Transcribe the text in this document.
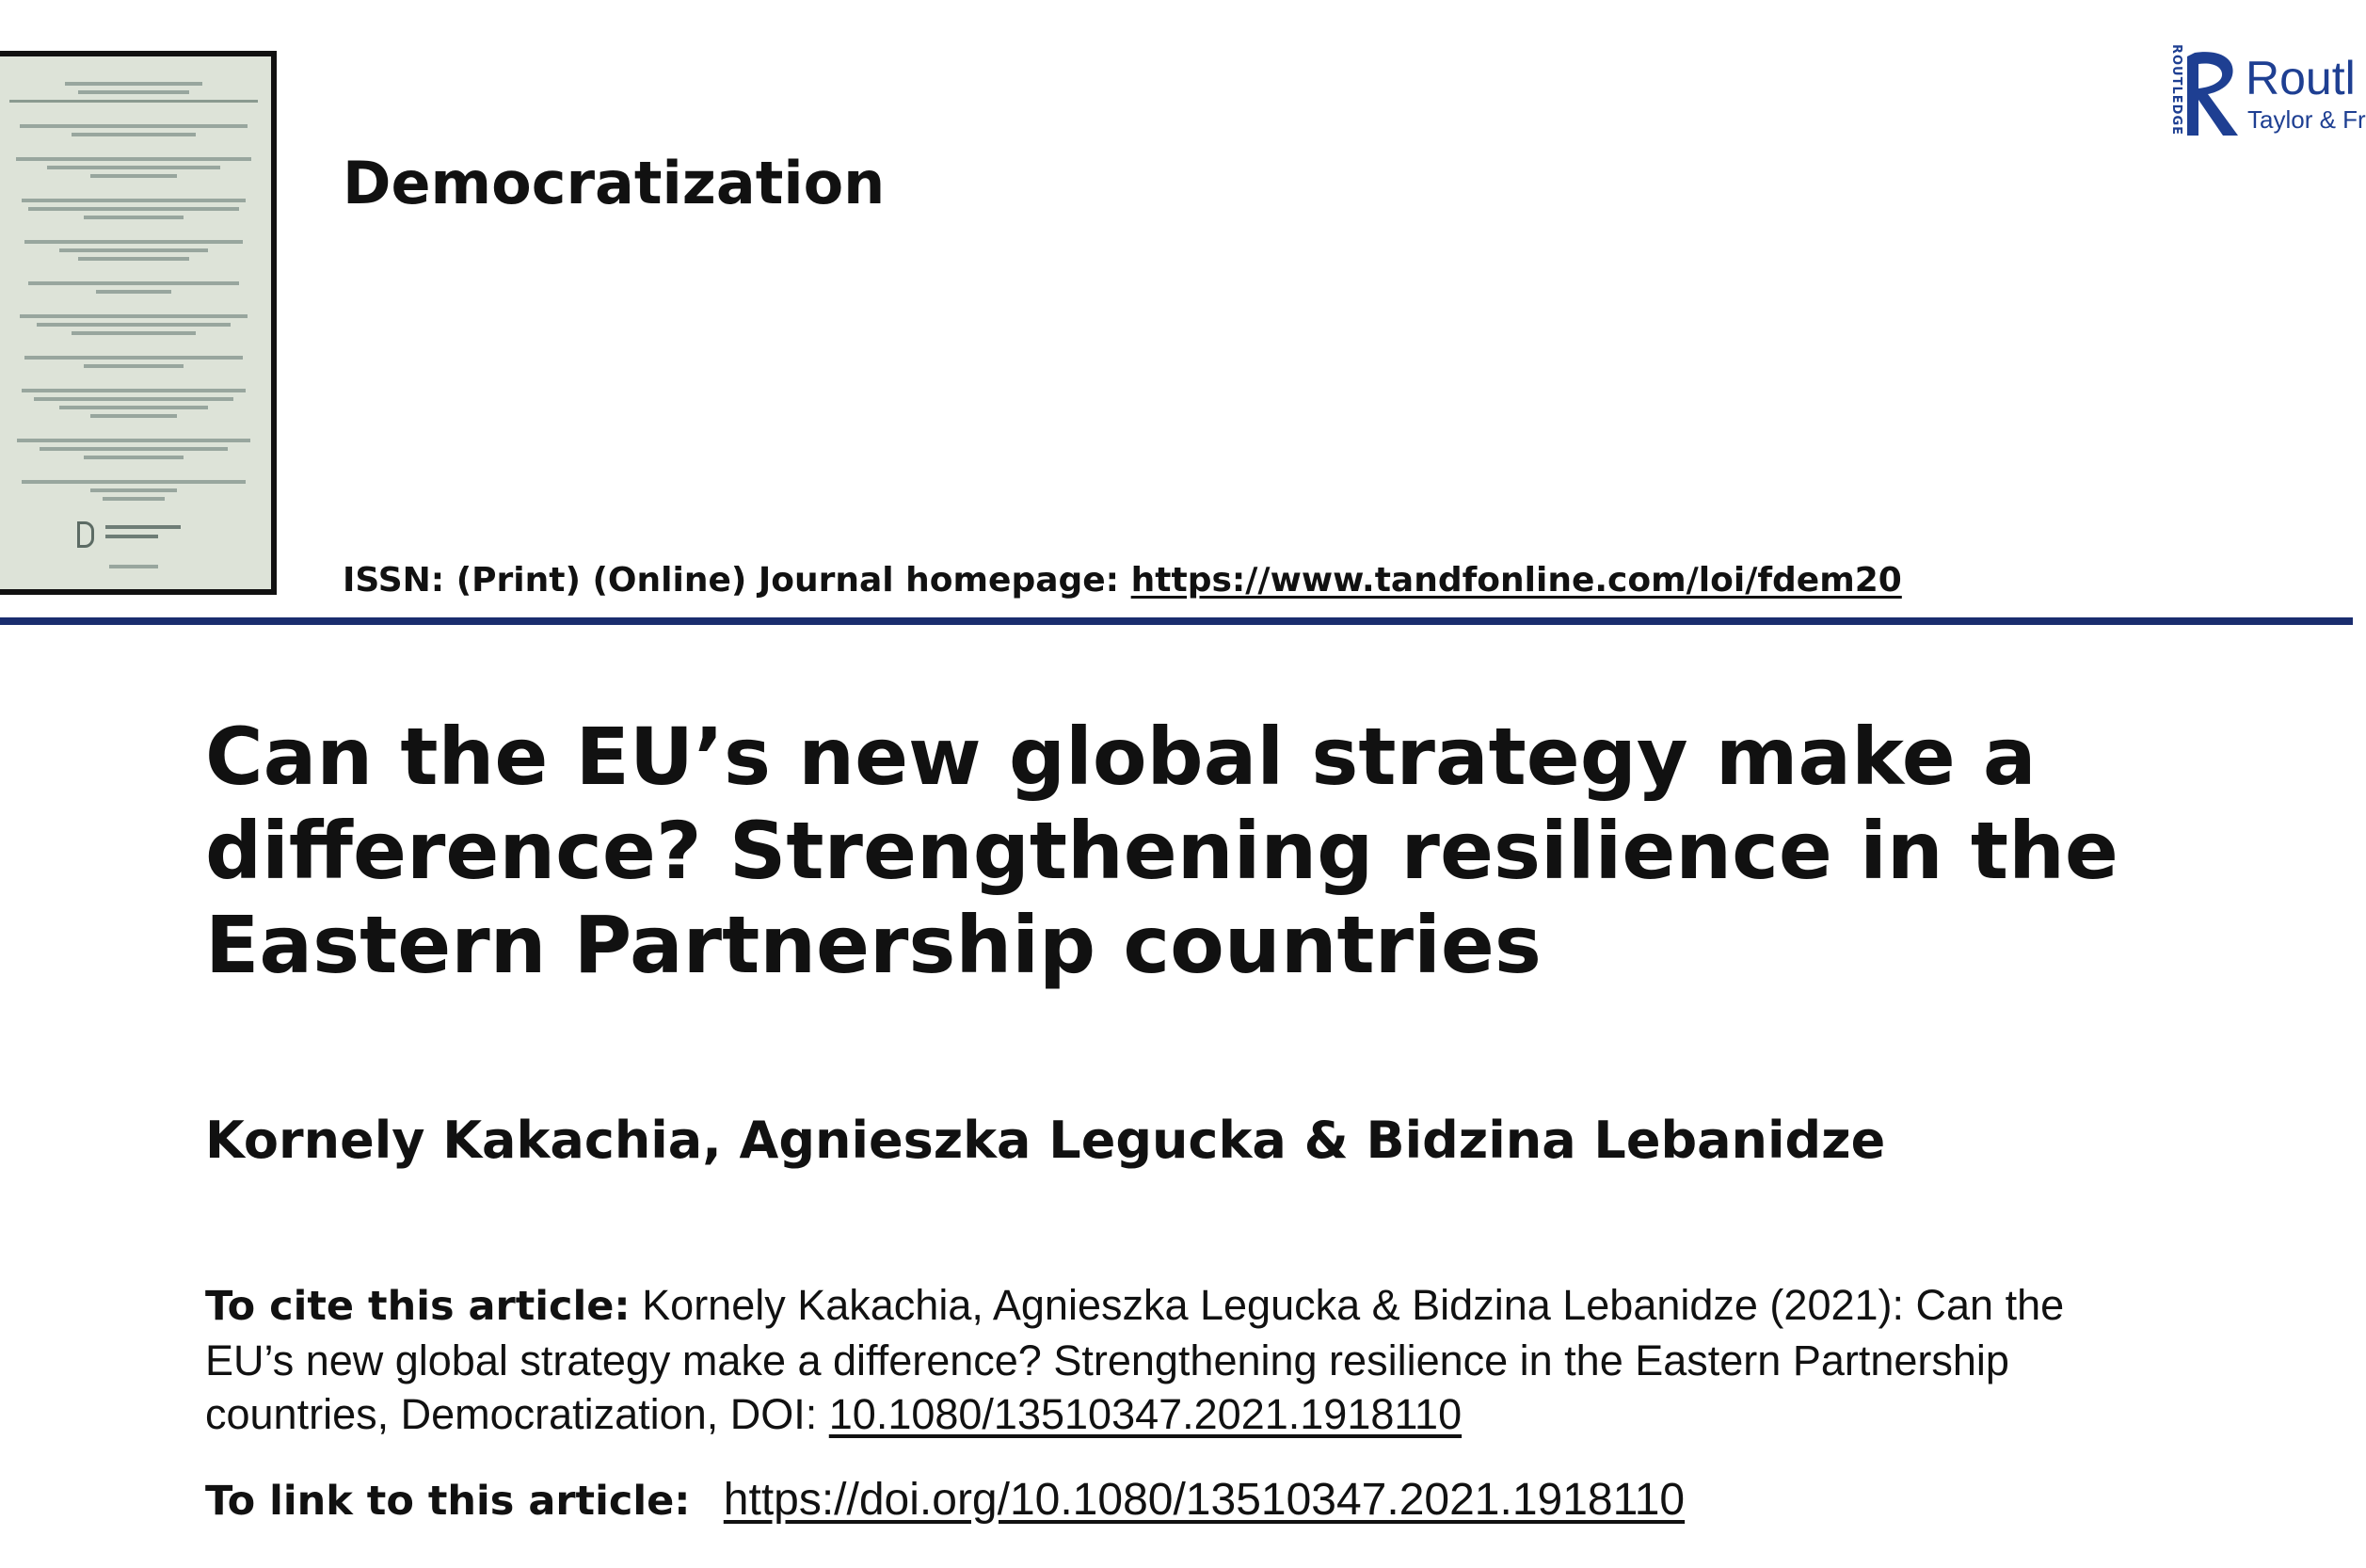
Democratization
ISSN: (Print) (Online) Journal homepage: https://www.tandfonline.com/loi/fdem20
ROUTLEDGE Routl
Taylor & Fr
Can the EU’s new global strategy make a difference? Strengthening resilience in the Eastern Partnership countries
Kornely Kakachia, Agnieszka Legucka & Bidzina Lebanidze
To cite this article: Kornely Kakachia, Agnieszka Legucka & Bidzina Lebanidze (2021): Can the EU’s new global strategy make a difference? Strengthening resilience in the Eastern Partnership countries, Democratization, DOI: 10.1080/13510347.2021.1918110
To link to this article: https://doi.org/10.1080/13510347.2021.1918110
